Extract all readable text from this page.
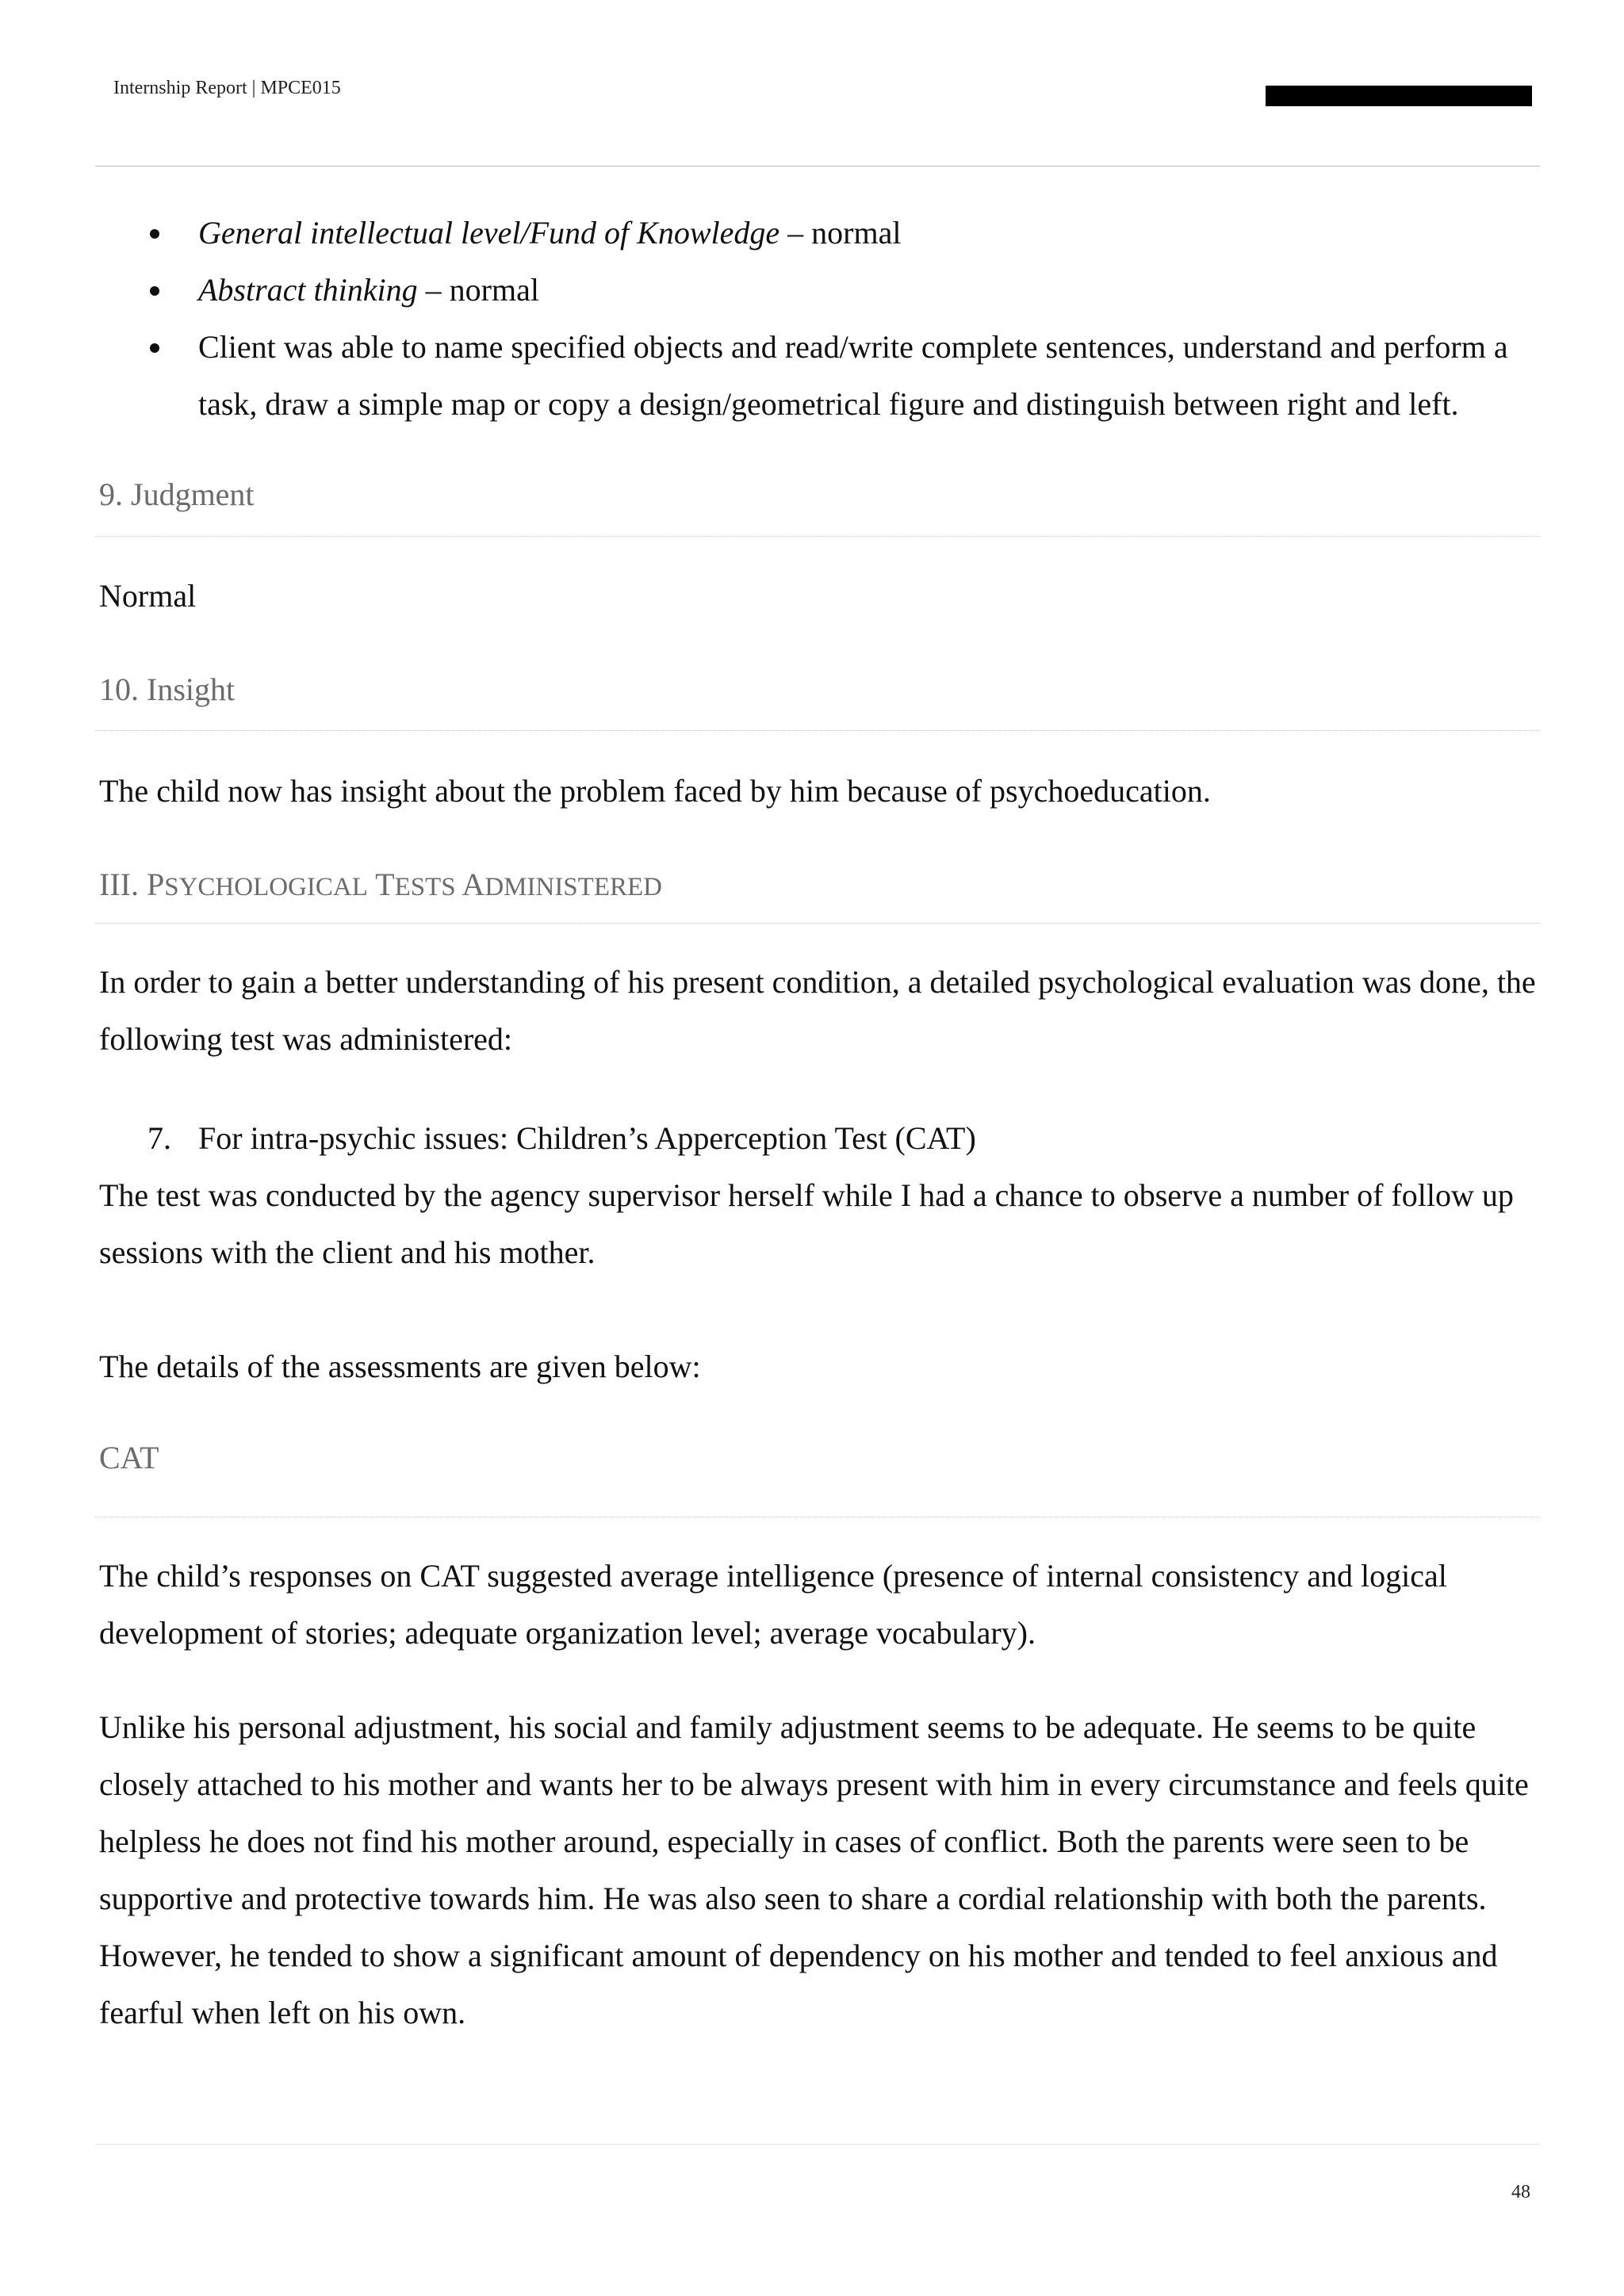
Internship Report | MPCE015
General intellectual level/Fund of Knowledge – normal
Abstract thinking – normal
Client was able to name specified objects and read/write complete sentences, understand and perform a task, draw a simple map or copy a design/geometrical figure and distinguish between right and left.
9. Judgment

Normal

10. Insight

The child now has insight about the problem faced by him because of psychoeducation.

III. PSYCHOLOGICAL TESTS ADMINISTERED

In order to gain a better understanding of his present condition, a detailed psychological evaluation was done, the following test was administered:

7. For intra-psychic issues: Children’s Apperception Test (CAT)

The test was conducted by the agency supervisor herself while I had a chance to observe a number of follow up sessions with the client and his mother.

The details of the assessments are given below:

CAT

The child’s responses on CAT suggested average intelligence (presence of internal consistency and logical development of stories; adequate organization level; average vocabulary).

Unlike his personal adjustment, his social and family adjustment seems to be adequate. He seems to be quite closely attached to his mother and wants her to be always present with him in every circumstance and feels quite helpless he does not find his mother around, especially in cases of conflict. Both the parents were seen to be supportive and protective towards him. He was also seen to share a cordial relationship with both the parents. However, he tended to show a significant amount of dependency on his mother and tended to feel anxious and fearful when left on his own.

48
